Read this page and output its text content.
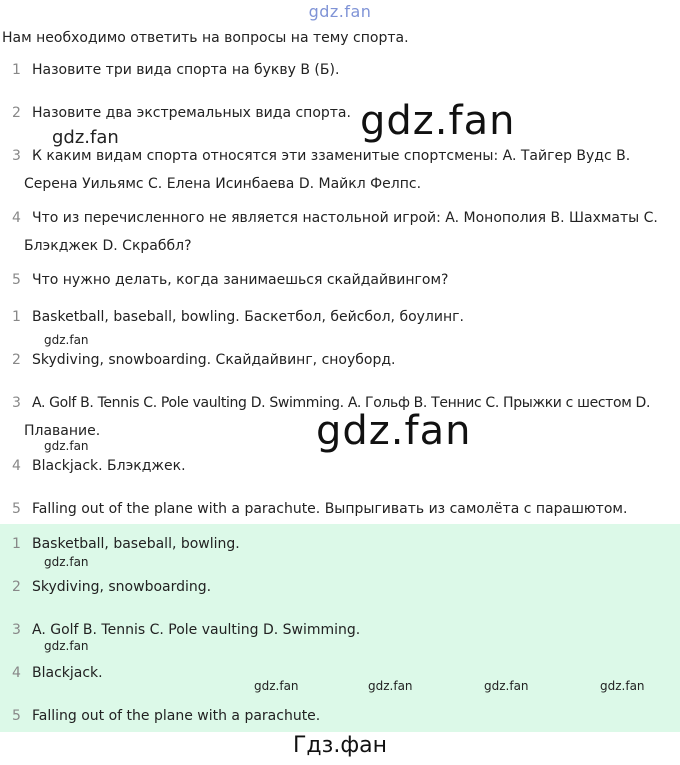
gdz.fan
Нам необходимо ответить на вопросы на тему спорта.
1 Назовите три вида спорта на букву B (Б).
2 Назовите два экстремальных вида спорта.
3 К каким видам спорта относятся эти ззаменитые спортсмены: A. Тайгер Вудс B.
Серена Уильямс C. Елена Исинбаева D. Майкл Фелпс.
4 Что из перечисленного не является настольной игрой: A. Монополия B. Шахматы C.
Блэкджек D. Скраббл?
5 Что нужно делать, когда занимаешься скайдайвингом?
1 Basketball, baseball, bowling. Баскетбол, бейсбол, боулинг.
2 Skydiving, snowboarding. Скайдайвинг, сноуборд.
3 A. Golf B. Tennis C. Pole vaulting D. Swimming. A. Гольф B. Теннис C. Прыжки с шестом D.
Плавание.
4 Blackjack. Блэкджек.
5 Falling out of the plane with a parachute. Выпрыгивать из самолёта с парашютом.
1 Basketball, baseball, bowling.
2 Skydiving, snowboarding.
3 A. Golf B. Tennis C. Pole vaulting D. Swimming.
4 Blackjack.
5 Falling out of the plane with a parachute.
gdz.fan
gdz.fan
gdz.fan
gdz.fan
gdz.fan
gdz.fan
gdz.fan
gdz.fan	gdz.fan	gdz.fan	gdz.fan
Гдз.фан
